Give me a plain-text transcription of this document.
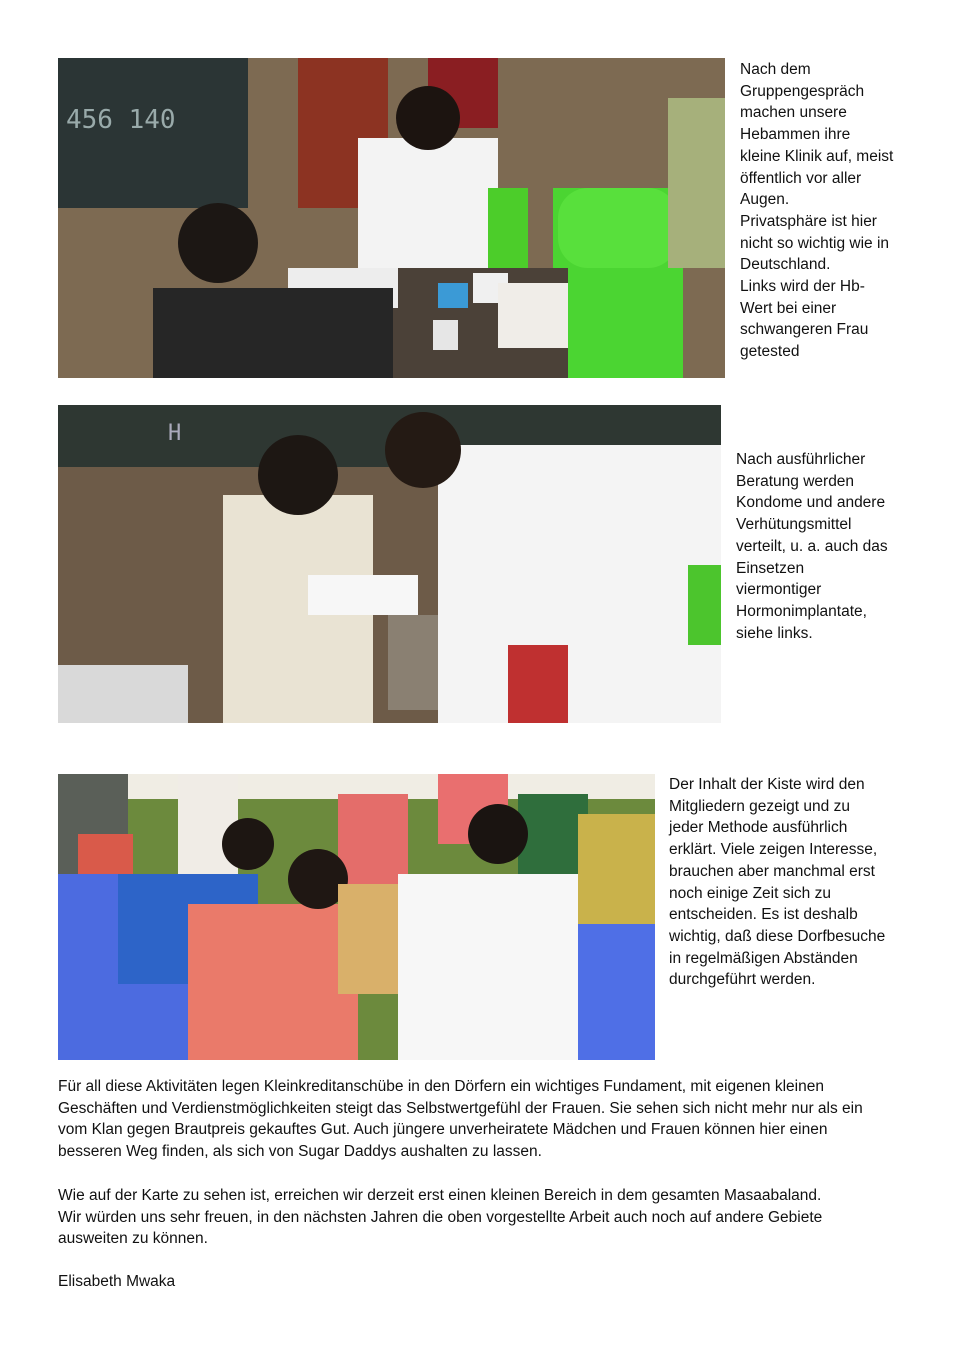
456 140
Nach dem
Gruppengespräch
machen unsere
Hebammen ihre
kleine Klinik auf, meist
öffentlich vor aller
Augen.
Privatsphäre ist hier
nicht so wichtig wie in
Deutschland.
Links wird der Hb-
Wert bei einer
schwangeren Frau
getested
H
Nach ausführlicher
Beratung werden
Kondome und andere
Verhütungsmittel
verteilt, u. a. auch das
Einsetzen
viermontiger
Hormonimplantate,
siehe links.
Der Inhalt der Kiste wird den
Mitgliedern gezeigt und zu
jeder Methode ausführlich
erklärt. Viele zeigen Interesse,
brauchen aber manchmal erst
noch einige Zeit sich zu
entscheiden. Es ist deshalb
wichtig, daß diese Dorfbesuche
in regelmäßigen Abständen
durchgeführt werden.
Für all diese Aktivitäten legen Kleinkreditanschübe in den Dörfern ein wichtiges Fundament, mit eigenen kleinen
Geschäften und Verdienstmöglichkeiten steigt das Selbstwertgefühl der Frauen. Sie sehen sich nicht mehr nur als ein
vom Klan gegen Brautpreis gekauftes Gut. Auch jüngere unverheiratete Mädchen und Frauen können hier einen
besseren Weg finden, als sich von Sugar Daddys aushalten zu lassen.
Wie auf der Karte zu sehen ist, erreichen wir derzeit erst einen kleinen Bereich in dem gesamten Masaabaland.
Wir würden uns sehr freuen, in den nächsten Jahren die oben vorgestellte Arbeit auch noch auf andere Gebiete
ausweiten zu können.
Elisabeth Mwaka
